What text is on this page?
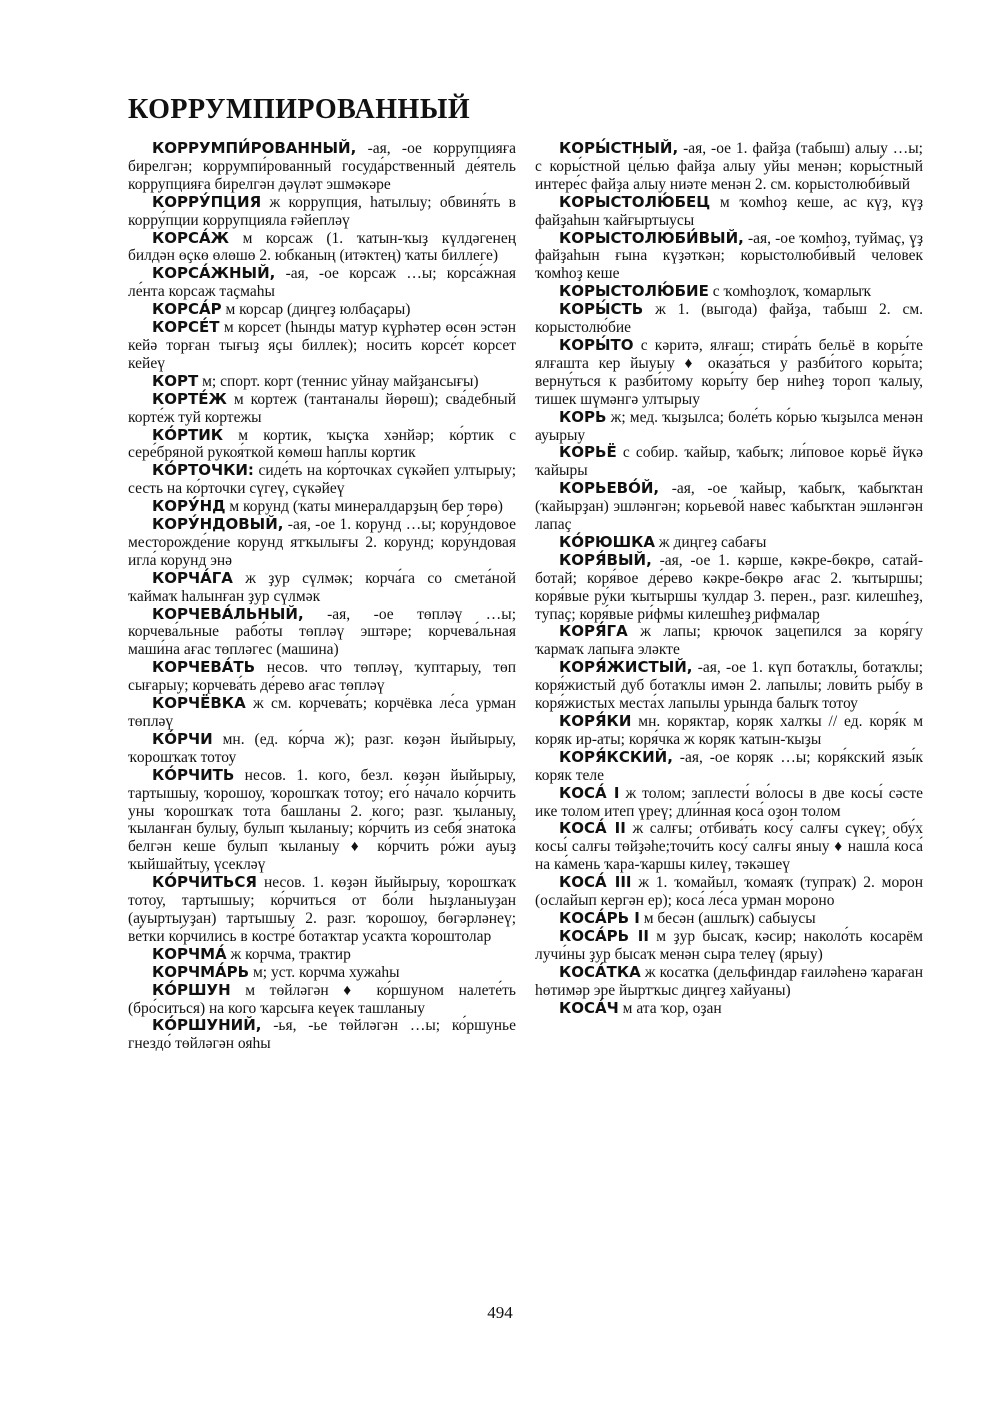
КОРРУМПИРОВАННЫЙ

КОРРУМПИ́РОВАННЫЙ, -ая, -ое коррупцияға бирелгән; коррумпи́рованный госуда́рственный де́ятель коррупцияға бирелгән дәүләт эшмәкәре

КОРРУ́ПЦИЯ ж коррупция, һатылыу; обвиня́ть в корру́пции коррупцияла ғәйепләү

КОРСА́Ж м корсаж (1. ҡатын-ҡыҙ күлдәгенең билдән өҫкө өлөшө 2. юбканың (итәктең) ҡаты биллеге)

КОРСА́ЖНЫЙ, -ая, -ое корсаж …ы; корса́жная ле́нта корсаж таҫмаһы

КОРСА́Р м корсар (диңгеҙ юлбаҫары)

КОРСЕ́Т м корсет (һынды матур күрһәтер өсөн эстән кейә торған тығыҙ яҫы биллек); носи́ть корсе́т корсет кейеү

КОРТ м; спорт. корт (теннис уйнау майҙансығы)

КОРТЕ́Ж м кортеж (тантаналы йөрөш); сва́дебный корте́ж туй кортежы

КО́РТИК м кортик, ҡыҫҡа хәнйәр; ко́ртик с сере́бряной рукоя́ткой көмөш һаплы кортик

КО́РТОЧКИ: сиде́ть на ко́рточках сүкәйеп ултырыу; сесть на ко́рточки сүгеү, сүкәйеү

КОРУ́НД м корунд (ҡаты минералдарҙың бер төрө)

КОРУ́НДОВЫЙ, -ая, -ое 1. корунд …ы; кору́ндовое месторожде́ние корунд ятҡылығы 2. корунд; кору́ндовая игла́ корунд энә

КОРЧА́ГА ж ҙур сүлмәк; корча́га со смета́ной ҡаймаҡ һалынған ҙур сүлмәк

КОРЧЕВА́ЛЬНЫЙ, -ая, -ое төпләү …ы; корчева́льные рабо́ты төпләү эштәре; корчева́льная маши́на ағас төпләгес (машина)

КОРЧЕВА́ТЬ несов. что төпләү, ҡуптарыу, төп сығарыу; корчева́ть де́рево ағас төпләү

КОРЧЁВКА ж см. корчева́ть; корчёвка ле́са урман төпләү

КО́РЧИ мн. (ед. ко́рча ж); разг. көҙән йыйырыу, ҡорошҡаҡ тотоу

КО́РЧИТЬ несов. 1. кого, безл. көҙән йыйырыу, тартышыу, ҡорошоу, ҡорошҡаҡ тотоу; его́ на́чало ко́рчить уны ҡорошҡаҡ тота башланы 2. кого; разг. ҡыланыу, ҡыланған булыу, булып ҡыланыу; ко́рчить из себя́ знатока́ белгән кеше булып ҡыланыу ♦ ко́рчить ро́жи ауыҙ ҡыйшайтыу, үсекләү

КО́РЧИТЬСЯ несов. 1. көҙән йыйырыу, ҡорошҡаҡ тотоу, тартышыу; ко́рчиться от бо́ли һыҙланыуҙан (ауыртыуҙан) тартышыу 2. разг. ҡорошоу, бөгәрләнеү; ве́тки ко́рчились в костре́ ботаҡтар усаҡта ҡороштолар

КОРЧМА́ ж корчма, трактир

КОРЧМА́РЬ м; уст. корчма хужаһы

КО́РШУН м төйләгән ♦ ко́ршуном налете́ть (бро́ситься) на кого ҡарсығa кеүек ташланыу

КО́РШУНИЙ, -ья, -ье төйләгән …ы; ко́ршунье гнездо́ төйләгән ояһы

КОРЫ́СТНЫЙ, -ая, -ое 1. файҙа (табыш) алыу …ы; с коры́стной це́лью файҙа алыу уйы менән; коры́стный интере́с файҙа алыу ниәте менән 2. см. корыстолюби́вый

КОРЫСТОЛЮ́БЕЦ м ҡомһоҙ кеше, ас күҙ, күҙ файҙаһын ҡайғыртыусы

КОРЫСТОЛЮБИ́ВЫЙ, -ая, -ое ҡомһоҙ, туймаҫ, үҙ файҙаһын ғына күҙәткән; корыстолюби́вый челове́к ҡомһоҙ кеше

КОРЫСТОЛЮ́БИЕ с ҡомһоҙлоҡ, ҡомарлыҡ

КОРЫ́СТЬ ж 1. (выгода) файҙа, табыш 2. см. корыстолю́бие

КОРЫ́ТО с кәритә, ялғаш; стира́ть бельё в коры́те ялғашта кер йыуыу ♦ оказа́ться у разби́того коры́та; верну́ться к разби́тому коры́ту бер ниһеҙ тороп ҡалыу, тишек шүмәнгә ултырыу

КОРЬ ж; мед. ҡыҙылса; боле́ть ко́рью ҡыҙылса менән ауырыу

КОРЬЁ с собир. ҡайыр, ҡабыҡ; ли́повое корьё йүкә ҡайыры

КОРЬЕВО́Й, -ая, -ое ҡайыр, ҡабыҡ, ҡабыҡтан (ҡайырҙан) эшләнгән; корьево́й наве́с ҡабыҡтан эшләнгән лапаҫ

КО́РЮШКА ж диңгеҙ сабағы

КОРЯ́ВЫЙ, -ая, -ое 1. кәрше, кәкре-бөкрө, сатай-ботай; коря́вое де́рево кәкре-бөкрө ағас 2. ҡытыршы; коря́вые ру́ки ҡытыршы ҡулдар 3. перен., разг. килешһеҙ, тупаҫ; коря́вые ри́фмы килешһеҙ рифмалар

КОРЯ́ГА ж лапы; крючо́к зацепи́лся за коря́гу ҡармаҡ лапыға эләкте

КОРЯ́ЖИСТЫЙ, -ая, -ое 1. күп ботаҡлы, ботаҡлы; коря́жистый дуб ботаҡлы имән 2. лапылы; лови́ть ры́бу в коря́жистых места́х лапылы урында балыҡ тотоу

КОРЯ́КИ мн. коряктар, коряк халҡы // ед. коря́к м коряк ир-аты; коря́чка ж коряк ҡатын-ҡыҙы

КОРЯ́КСКИЙ, -ая, -ое коряк …ы; коря́кский язы́к коряк теле

КОСА́ I ж толом; заплести́ во́лосы в две косы́ сәсте ике толом итеп үреү; дли́нная коса́ оҙон толом

КОСА́ II ж салғы; отбива́ть косу́ салғы сүкеү; обу́х косы́ салғы төйҙәһе;точи́ть косу́ салғы яныу ♦ нашла́ коса́ на ка́мень ҡара-ҡаршы килеү, тәкәшеү

КОСА́ III ж 1. ҡомайыл, ҡомаяҡ (тупраҡ) 2. морон (ослайып кергән ер); коса́ ле́са урман мороно

КОСА́РЬ I м бесән (ашлыҡ) сабыусы

КОСА́РЬ II м ҙур бысаҡ, кәсир; наколо́ть косарём лучи́ны ҙур бысаҡ менән сыра телеү (ярыу)

КОСА́ТКА ж косатка (дельфиндар ғаиләһенә ҡараған һөтимәр эре йыртҡыс диңгеҙ хайуаны)

КОСА́Ч м ата ҡор, оҙан

494
